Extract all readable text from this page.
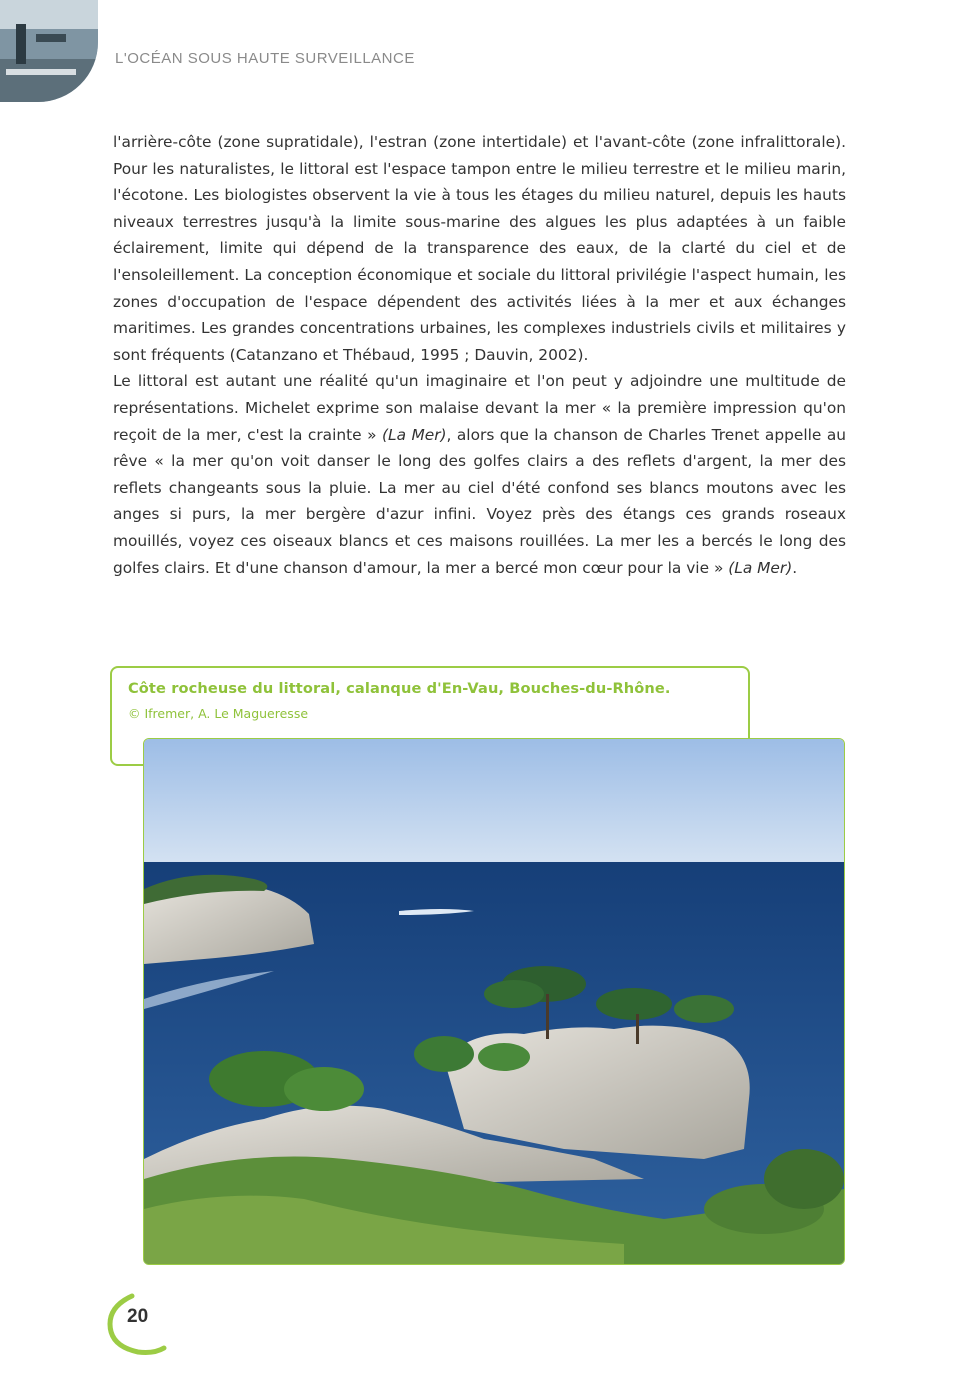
L'OCÉAN SOUS HAUTE SURVEILLANCE

l'arrière-côte (zone supratidale), l'estran (zone intertidale) et l'avant-côte (zone infralittorale). Pour les naturalistes, le littoral est l'espace tampon entre le milieu terrestre et le milieu marin, l'écotone. Les biologistes observent la vie à tous les étages du milieu naturel, depuis les hauts niveaux terrestres jusqu'à la limite sous-marine des algues les plus adaptées à un faible éclairement, limite qui dépend de la transparence des eaux, de la clarté du ciel et de l'ensoleillement. La conception économique et sociale du littoral privilégie l'aspect humain, les zones d'occupation de l'espace dépendent des activités liées à la mer et aux échanges maritimes. Les grandes concentrations urbaines, les complexes industriels civils et militaires y sont fréquents (Catanzano et Thébaud, 1995 ; Dauvin, 2002).

Le littoral est autant une réalité qu'un imaginaire et l'on peut y adjoindre une multitude de représentations. Michelet exprime son malaise devant la mer « la première impression qu'on reçoit de la mer, c'est la crainte » (La Mer), alors que la chanson de Charles Trenet appelle au rêve « la mer qu'on voit danser le long des golfes clairs a des reflets d'argent, la mer des reflets changeants sous la pluie. La mer au ciel d'été confond ses blancs moutons avec les anges si purs, la mer bergère d'azur infini. Voyez près des étangs ces grands roseaux mouillés, voyez ces oiseaux blancs et ces maisons rouillées. La mer les a bercés le long des golfes clairs. Et d'une chanson d'amour, la mer a bercé mon cœur pour la vie » (La Mer).

Côte rocheuse du littoral, calanque d'En-Vau, Bouches-du-Rhône.
© Ifremer, A. Le Magueresse
20
